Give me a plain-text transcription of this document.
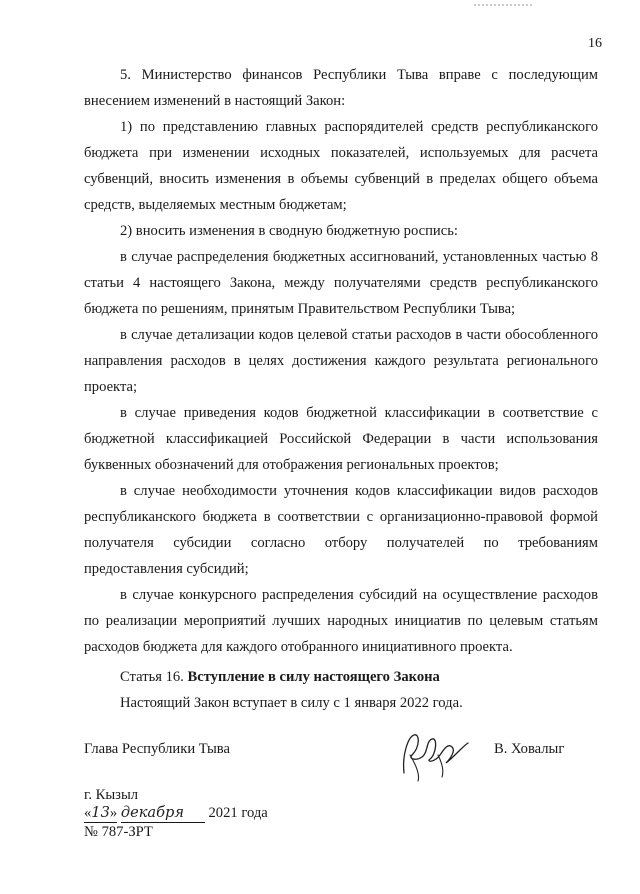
16

5. Министерство финансов Республики Тыва вправе с последующим внесением изменений в настоящий Закон:

1) по представлению главных распорядителей средств республиканского бюджета при изменении исходных показателей, используемых для расчета субвенций, вносить изменения в объемы субвенций в пределах общего объема средств, выделяемых местным бюджетам;

2) вносить изменения в сводную бюджетную роспись:

в случае распределения бюджетных ассигнований, установленных частью 8 статьи 4 настоящего Закона, между получателями средств республиканского бюджета по решениям, принятым Правительством Республики Тыва;

в случае детализации кодов целевой статьи расходов в части обособленного направления расходов в целях достижения каждого результата регионального проекта;

в случае приведения кодов бюджетной классификации в соответствие с бюджетной классификацией Российской Федерации в части использования буквенных обозначений для отображения региональных проектов;

в случае необходимости уточнения кодов классификации видов расходов республиканского бюджета в соответствии с организационно-правовой формой получателя субсидии согласно отбору получателей по требованиям предоставления субсидий;

в случае конкурсного распределения субсидий на осуществление расходов по реализации мероприятий лучших народных инициатив по целевым статьям расходов бюджета для каждого отобранного инициативного проекта.

Статья 16. Вступление в силу настоящего Закона

Настоящий Закон вступает в силу с 1 января 2022 года.

Глава Республики Тыва	В. Ховалыг
г. Кызыл
«13» декабря 2021 года
№ 787-ЗРТ
